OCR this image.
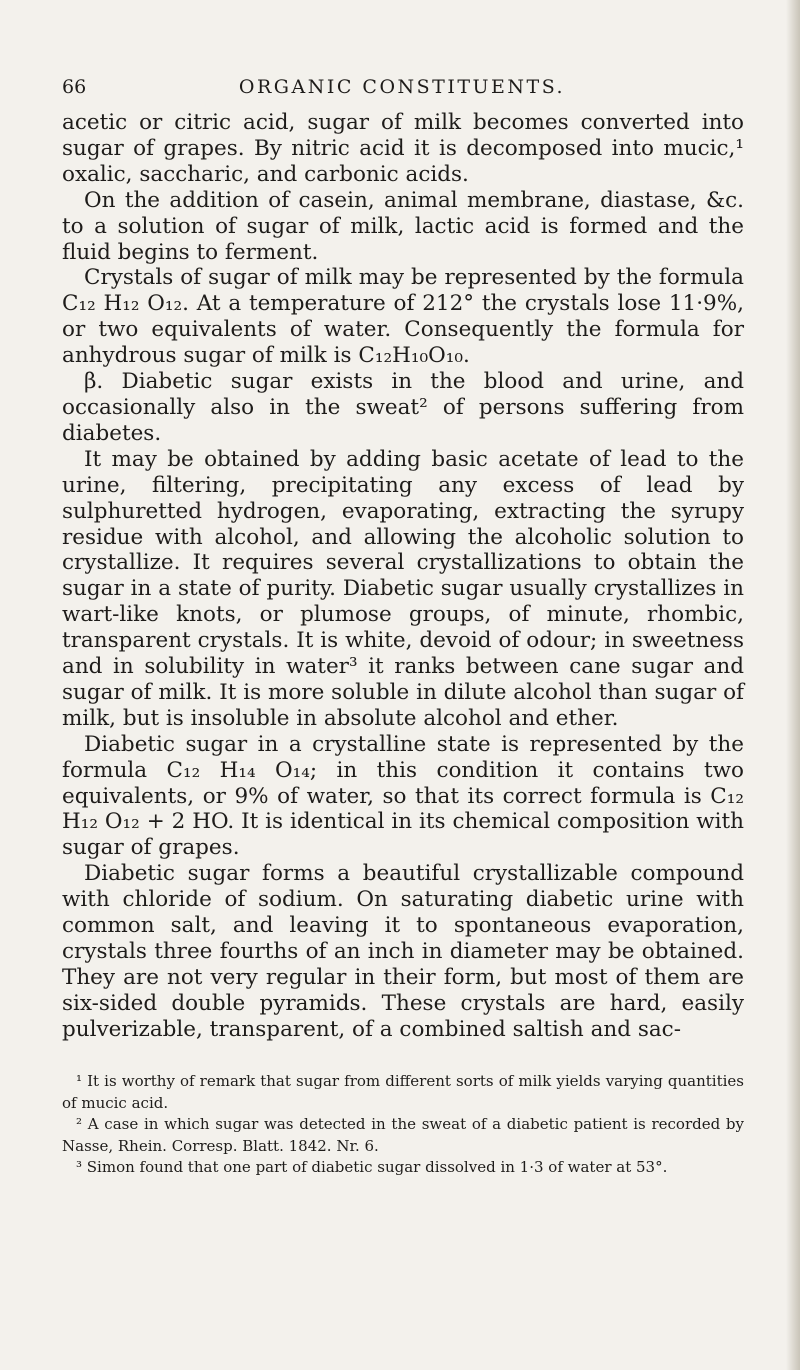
66	ORGANIC CONSTITUENTS.

acetic or citric acid, sugar of milk becomes converted into sugar of grapes. By nitric acid it is decomposed into mucic,¹ oxalic, saccharic, and carbonic acids.

On the addition of casein, animal membrane, diastase, &c. to a solution of sugar of milk, lactic acid is formed and the fluid begins to ferment.

Crystals of sugar of milk may be represented by the formula C₁₂ H₁₂ O₁₂. At a temperature of 212° the crystals lose 11·9%, or two equivalents of water. Consequently the formula for anhydrous sugar of milk is C₁₂H₁₀O₁₀.

β. Diabetic sugar exists in the blood and urine, and occasionally also in the sweat² of persons suffering from diabetes.

It may be obtained by adding basic acetate of lead to the urine, filtering, precipitating any excess of lead by sulphuretted hydrogen, evaporating, extracting the syrupy residue with alcohol, and allowing the alcoholic solution to crystallize. It requires several crystallizations to obtain the sugar in a state of purity. Diabetic sugar usually crystallizes in wart-like knots, or plumose groups, of minute, rhombic, transparent crystals. It is white, devoid of odour; in sweetness and in solubility in water³ it ranks between cane sugar and sugar of milk. It is more soluble in dilute alcohol than sugar of milk, but is insoluble in absolute alcohol and ether.

Diabetic sugar in a crystalline state is represented by the formula C₁₂ H₁₄ O₁₄; in this condition it contains two equivalents, or 9% of water, so that its correct formula is C₁₂ H₁₂ O₁₂ + 2 HO. It is identical in its chemical composition with sugar of grapes.

Diabetic sugar forms a beautiful crystallizable compound with chloride of sodium. On saturating diabetic urine with common salt, and leaving it to spontaneous evaporation, crystals three fourths of an inch in diameter may be obtained. They are not very regular in their form, but most of them are six-sided double pyramids. These crystals are hard, easily pulverizable, transparent, of a combined saltish and sac-

¹ It is worthy of remark that sugar from different sorts of milk yields varying quantities of mucic acid.

² A case in which sugar was detected in the sweat of a diabetic patient is recorded by Nasse, Rhein. Corresp. Blatt. 1842. Nr. 6.

³ Simon found that one part of diabetic sugar dissolved in 1·3 of water at 53°.
